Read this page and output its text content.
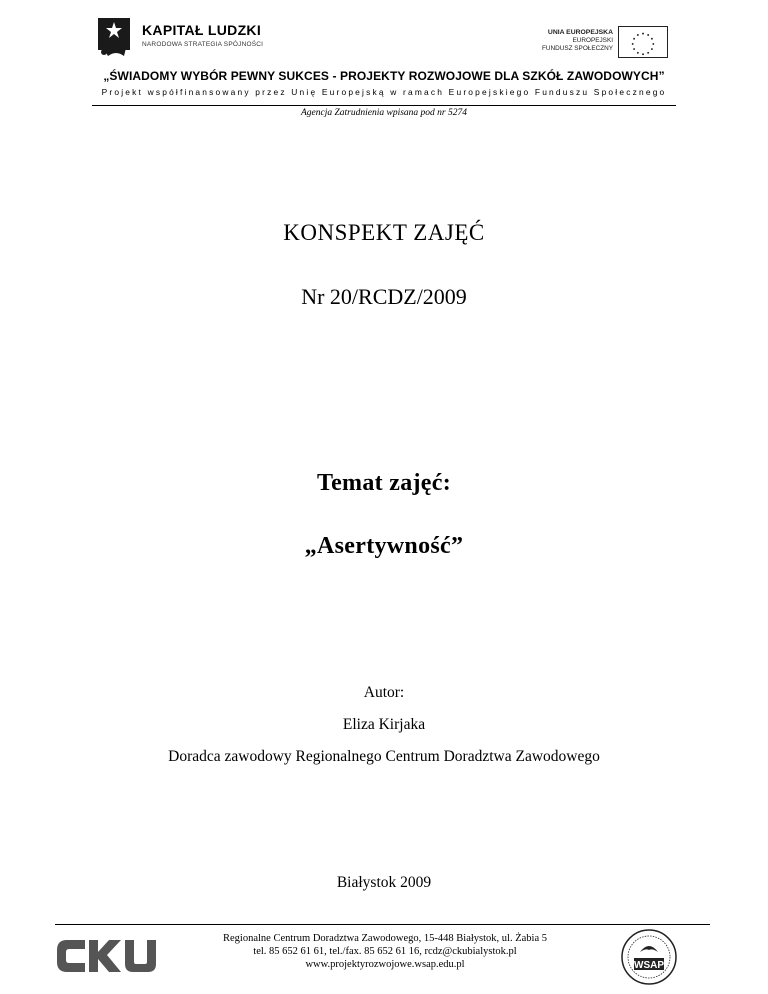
KAPITAŁ LUDZKI
NARODOWA STRATEGIA SPÓJNOŚCI
UNIA EUROPEJSKA
EUROPEJSKI
FUNDUSZ SPOŁECZNY
„ŚWIADOMY WYBÓR PEWNY SUKCES - PROJEKTY ROZWOJOWE DLA SZKÓŁ ZAWODOWYCH”
Projekt współfinansowany przez Unię Europejską w ramach Europejskiego Funduszu Społecznego
Agencja Zatrudnienia wpisana pod nr 5274
KONSPEKT ZAJĘĆ
Nr 20/RCDZ/2009
Temat zajęć:
„Asertywność”
Autor:
Eliza Kirjaka
Doradca zawodowy Regionalnego Centrum Doradztwa Zawodowego
Białystok 2009
Regionalne Centrum Doradztwa Zawodowego, 15-448 Białystok, ul. Żabia 5
tel. 85 652 61 61, tel./fax. 85 652 61 16, rcdz@ckubialystok.pl
www.projektyrozwojowe.wsap.edu.pl	WSAP
